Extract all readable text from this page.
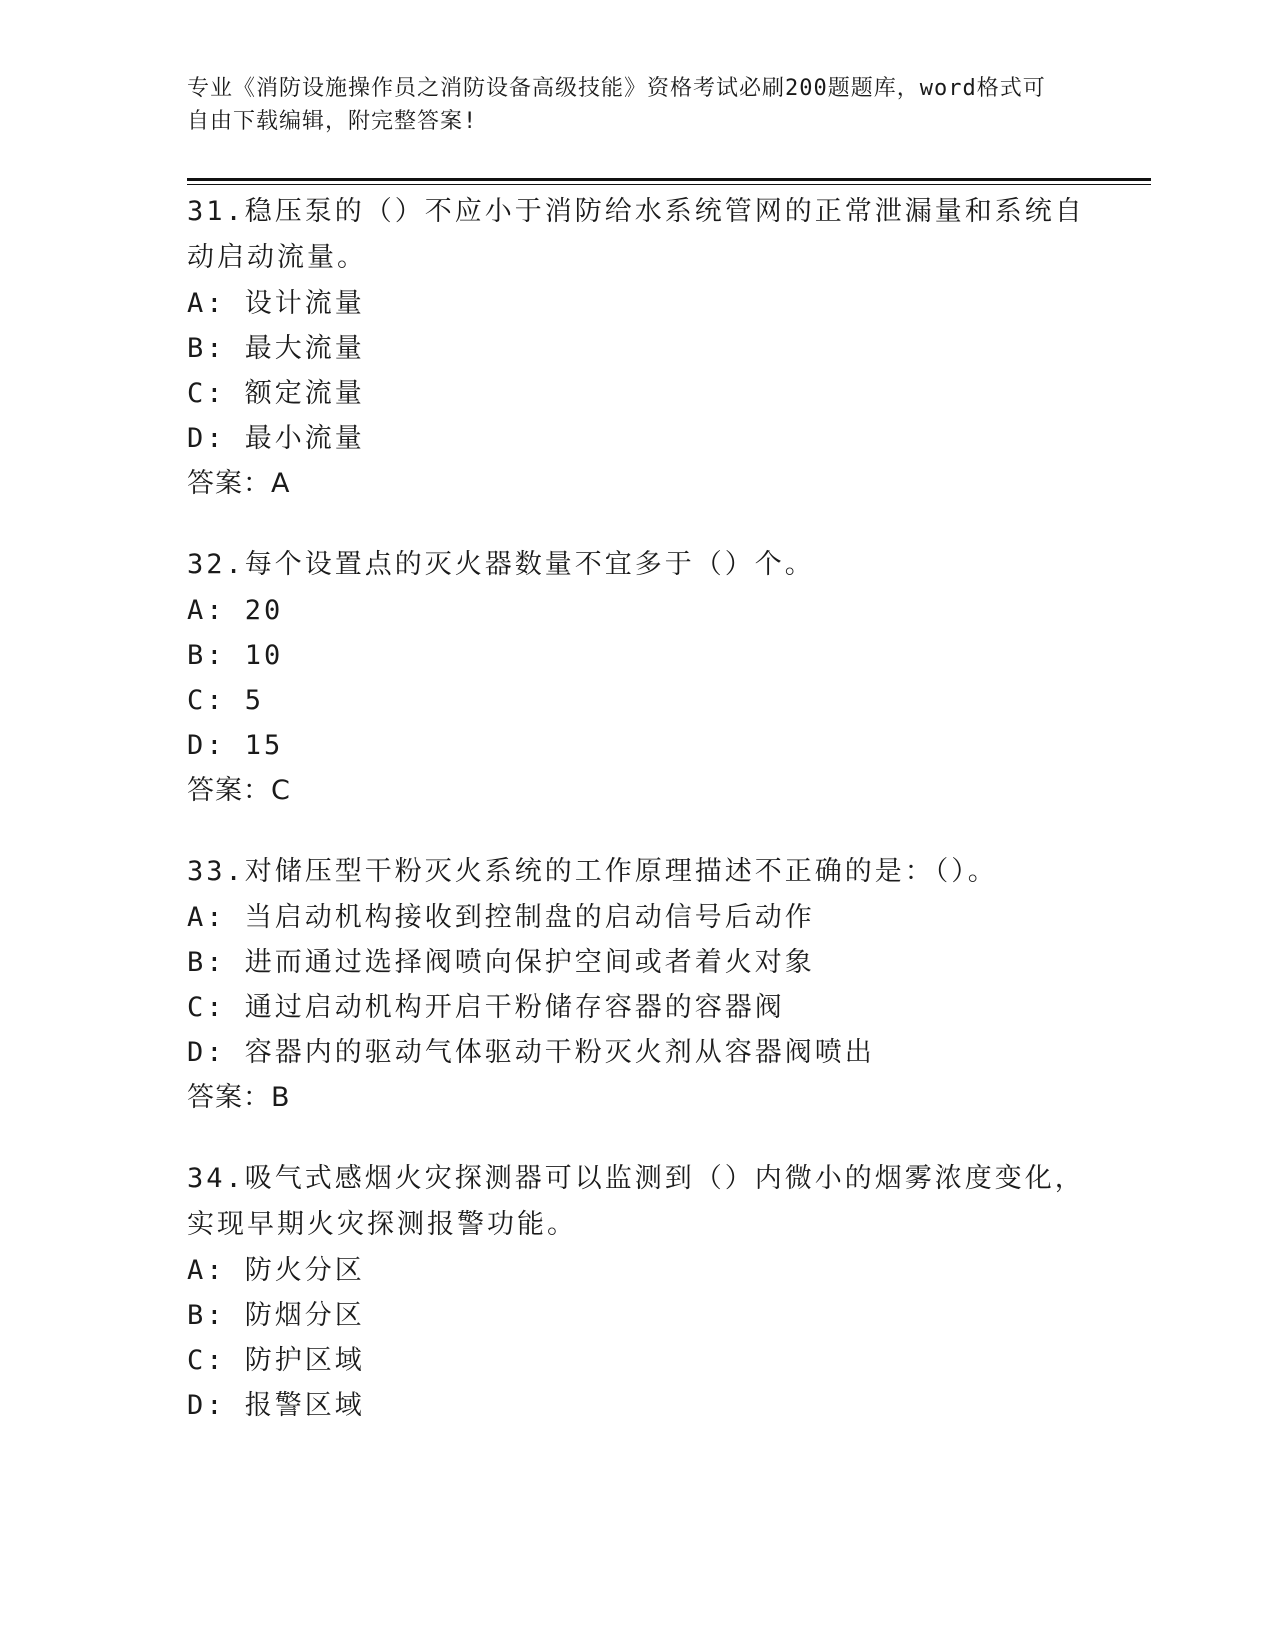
专业《消防设施操作员之消防设备高级技能》资格考试必刷200题题库，word格式可自由下载编辑，附完整答案!

31.稳压泵的（）不应小于消防给水系统管网的正常泄漏量和系统自动启动流量。

A: 设计流量

B: 最大流量

C: 额定流量

D: 最小流量

答案：A

32.每个设置点的灭火器数量不宜多于（）个。

A: 20

B: 10

C: 5

D: 15

答案：C

33.对储压型干粉灭火系统的工作原理描述不正确的是：（）。

A: 当启动机构接收到控制盘的启动信号后动作

B: 进而通过选择阀喷向保护空间或者着火对象

C: 通过启动机构开启干粉储存容器的容器阀

D: 容器内的驱动气体驱动干粉灭火剂从容器阀喷出

答案：B

34.吸气式感烟火灾探测器可以监测到（）内微小的烟雾浓度变化，实现早期火灾探测报警功能。

A: 防火分区

B: 防烟分区

C: 防护区域

D: 报警区域
